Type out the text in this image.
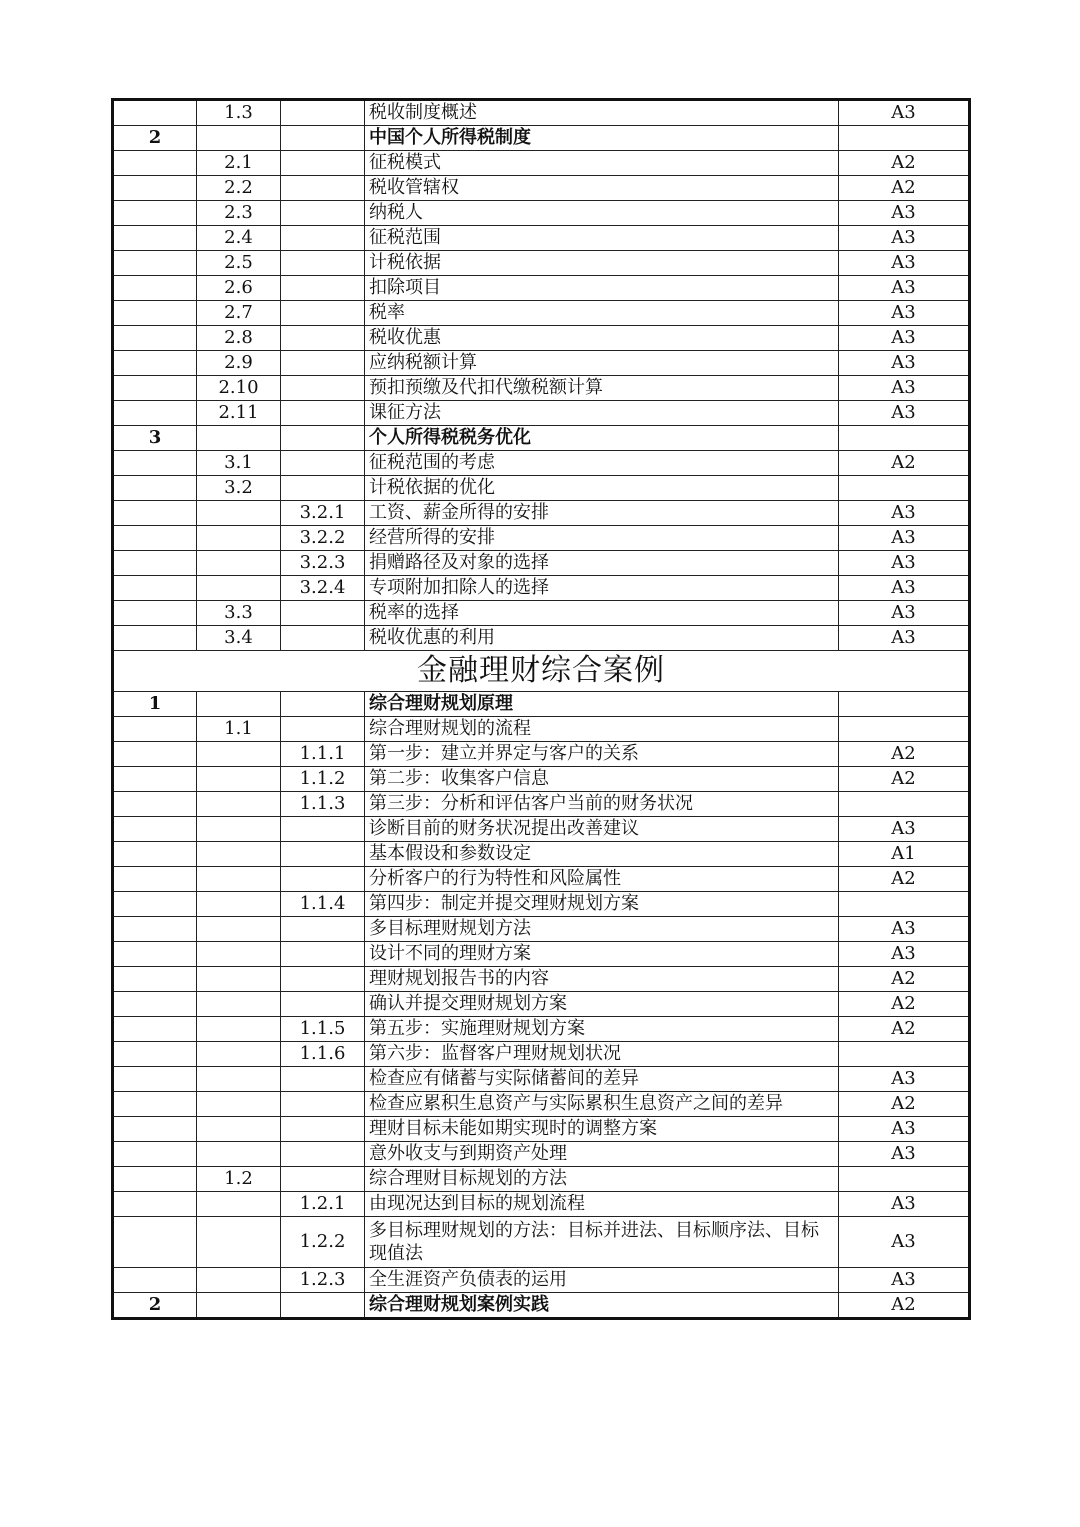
	1.3		税收制度概述	A3
2			中国个人所得税制度	
	2.1		征税模式	A2
	2.2		税收管辖权	A2
	2.3		纳税人	A3
	2.4		征税范围	A3
	2.5		计税依据	A3
	2.6		扣除项目	A3
	2.7		税率	A3
	2.8		税收优惠	A3
	2.9		应纳税额计算	A3
	2.10		预扣预缴及代扣代缴税额计算	A3
	2.11		课征方法	A3
3			个人所得税税务优化	
	3.1		征税范围的考虑	A2
	3.2		计税依据的优化	
		3.2.1	工资、薪金所得的安排	A3
		3.2.2	经营所得的安排	A3
		3.2.3	捐赠路径及对象的选择	A3
		3.2.4	专项附加扣除人的选择	A3
	3.3		税率的选择	A3
	3.4		税收优惠的利用	A3
金融理财综合案例				
1			综合理财规划原理	
	1.1		综合理财规划的流程	
		1.1.1	第一步：建立并界定与客户的关系	A2
		1.1.2	第二步：收集客户信息	A2
		1.1.3	第三步：分析和评估客户当前的财务状况	
			诊断目前的财务状况提出改善建议	A3
			基本假设和参数设定	A1
			分析客户的行为特性和风险属性	A2
		1.1.4	第四步：制定并提交理财规划方案	
			多目标理财规划方法	A3
			设计不同的理财方案	A3
			理财规划报告书的内容	A2
			确认并提交理财规划方案	A2
		1.1.5	第五步：实施理财规划方案	A2
		1.1.6	第六步：监督客户理财规划状况	
			检查应有储蓄与实际储蓄间的差异	A3
			检查应累积生息资产与实际累积生息资产之间的差异	A2
			理财目标未能如期实现时的调整方案	A3
			意外收支与到期资产处理	A3
	1.2		综合理财目标规划的方法	
		1.2.1	由现况达到目标的规划流程	A3
		1.2.2	多目标理财规划的方法：目标并进法、目标顺序法、目标现值法	A3
		1.2.3	全生涯资产负债表的运用	A3
2			综合理财规划案例实践	A2
